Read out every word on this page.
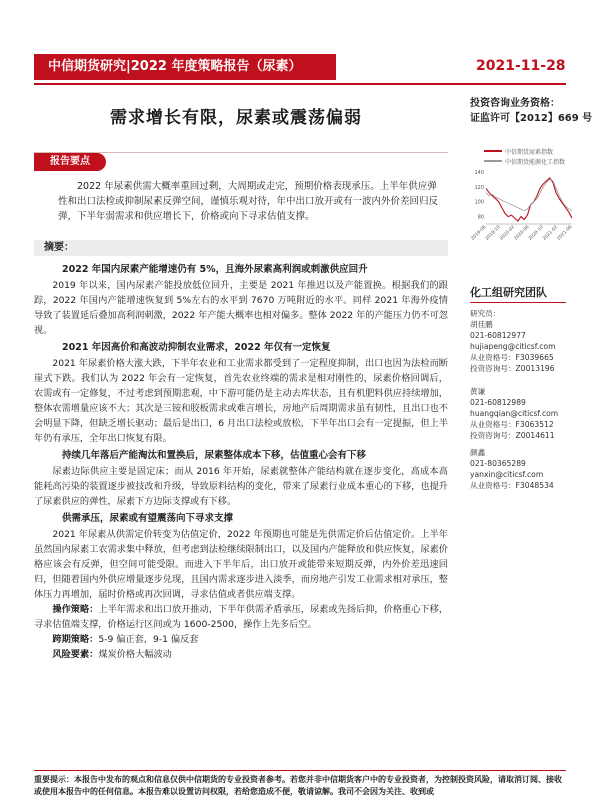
中信期货研究|2022 年度策略报告（尿素）	2021-11-28
需求增长有限，尿素或震荡偏弱
投资咨询业务资格：
证监许可【2012】669 号
中信期货尿素指数
中信期货能源化工指数
140
120
100
80
2019-06
2019-10
2020-02
2020-06
2020-10
2021-02
2021-06
报告要点
2022 年尿素供需大概率重回过剩，大周期或走完，预期价格表现承压。上半年供应弹性和出口法检或抑制尿素反弹空间，谨慎乐观对待，年中出口放开或有一波内外价差回归反弹，下半年弱需求和供应增长下，价格或向下寻求估值支撑。
摘要：
2022 年国内尿素产能增速仍有 5%，且海外尿素高利润或刺激供应回升

2019 年以来，国内尿素产能投放低位回升，主要是 2021 年推迟以及产能置换。根据我们的跟踪，2022 年国内产能增速恢复到 5%左右的水平到 7670 万吨附近的水平。同样 2021 年海外疫情导致了装置延后叠加高利润刺激，2022 年产能大概率也相对偏多。整体 2022 年的产能压力仍不可忽视。

2021 年因高价和高波动抑制农业需求，2022 年仅有一定恢复

2021 年尿素价格大涨大跌，下半年农业和工业需求都受到了一定程度抑制，出口也因为法检而断崖式下跌。我们认为 2022 年会有一定恢复，首先农业终端的需求是相对刚性的，尿素价格回调后，农需或有一定修复，不过考虑到预期悲观，中下游可能仍是主动去库状态，且有机肥料供应持续增加，整体农需增量应该不大；其次是三铵和胶板需求或难言增长，房地产后周期需求虽有韧性，且出口也不会明显下降，但缺乏增长驱动；最后是出口，6 月出口法检或放松，下半年出口会有一定提振，但上半年仍有承压，全年出口恢复有限。

持续几年落后产能淘汰和置换后，尿素整体成本下移，估值重心会有下移

尿素边际供应主要是固定床；而从 2016 年开始，尿素就整体产能结构就在逐步变化，高成本高能耗高污染的装置逐步被技改和升级，导致原料结构的变化，带来了尿素行业成本重心的下移，也提升了尿素供应的弹性，尿素下方边际支撑或有下移。

供需承压，尿素或有望震荡向下寻求支撑

2021 年尿素从供需定价转变为估值定价，2022 年预期也可能是先供需定价后估值定价。上半年虽然国内尿素工农需求集中释放，但考虑到法检继续限制出口，以及国内产能释放和供应恢复，尿素价格应该会有反弹，但空间可能受限。而进入下半年后，出口放开或能带来短期反弹，内外价差迅速回归，但随着国内外供应增量逐步兑现，且国内需求逐步进入淡季，而房地产引发工业需求相对承压，整体压力再增加，届时价格或再次回调，寻求估值或者供应端支撑。

操作策略：上半年需求和出口放开推动，下半年供需矛盾承压，尿素或先扬后抑，价格重心下移，寻求估值端支撑，价格运行区间或为 1600-2500，操作上先多后空。

跨期策略：5-9 偏正套，9-1 偏反套

风险要素：煤炭价格大幅波动

化工组研究团队
研究员：
胡佳鹏
021-60812977
hujiapeng@citicsf.com
从业资格号：F3039665
投资咨询号：Z0013196
黄谦
021-60812989
huangqian@citicsf.com
从业资格号：F3063512
投资咨询号：Z0014611
颜鑫
021-80365289
yanxin@citicsf.com
从业资格号：F3048534
重要提示：本报告中发布的观点和信息仅供中信期货的专业投资者参考。若您并非中信期货客户中的专业投资者，为控制投资风险，请取消订阅、接收或使用本报告中的任何信息。本报告难以设置访问权限，若给您造成不便，敬请谅解。我司不会因为关注、收到或
